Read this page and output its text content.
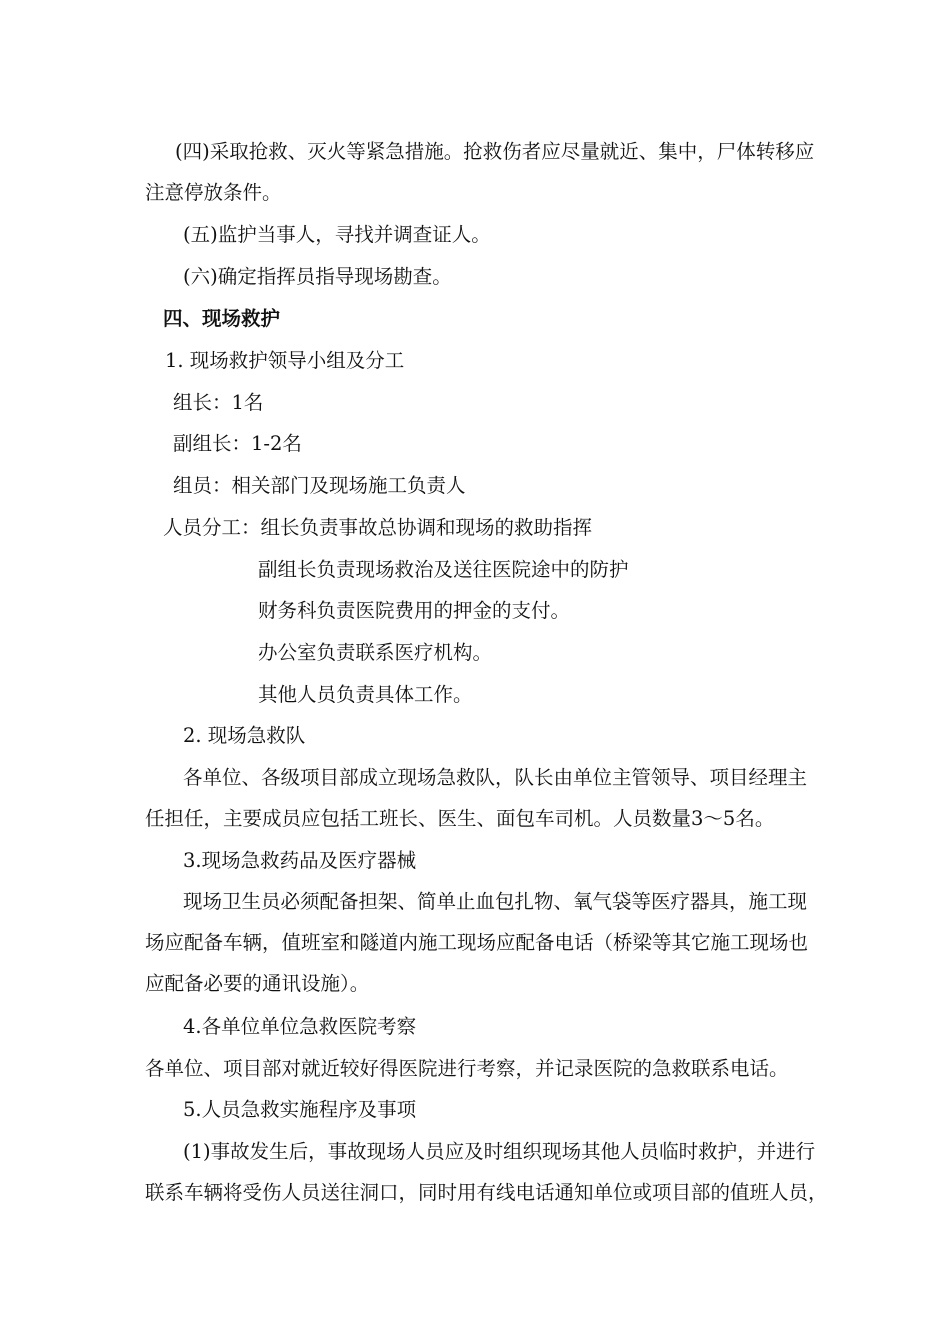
(四)采取抢救、灭火等紧急措施。抢救伤者应尽量就近、集中，尸体转移应
注意停放条件。
(五)监护当事人，寻找并调查证人。
(六)确定指挥员指导现场勘查。
四、现场救护
1. 现场救护领导小组及分工
组长：1名
副组长：1-2名
组员：相关部门及现场施工负责人
人员分工：组长负责事故总协调和现场的救助指挥
副组长负责现场救治及送往医院途中的防护
财务科负责医院费用的押金的支付。
办公室负责联系医疗机构。
其他人员负责具体工作。
2. 现场急救队
各单位、各级项目部成立现场急救队，队长由单位主管领导、项目经理主
任担任，主要成员应包括工班长、医生、面包车司机。人员数量3～5名。
3.现场急救药品及医疗器械
现场卫生员必须配备担架、简单止血包扎物、氧气袋等医疗器具，施工现
场应配备车辆，值班室和隧道内施工现场应配备电话（桥梁等其它施工现场也
应配备必要的通讯设施）。
4.各单位单位急救医院考察
各单位、项目部对就近较好得医院进行考察，并记录医院的急救联系电话。
5.人员急救实施程序及事项
(1)事故发生后，事故现场人员应及时组织现场其他人员临时救护，并进行
联系车辆将受伤人员送往洞口，同时用有线电话通知单位或项目部的值班人员，
